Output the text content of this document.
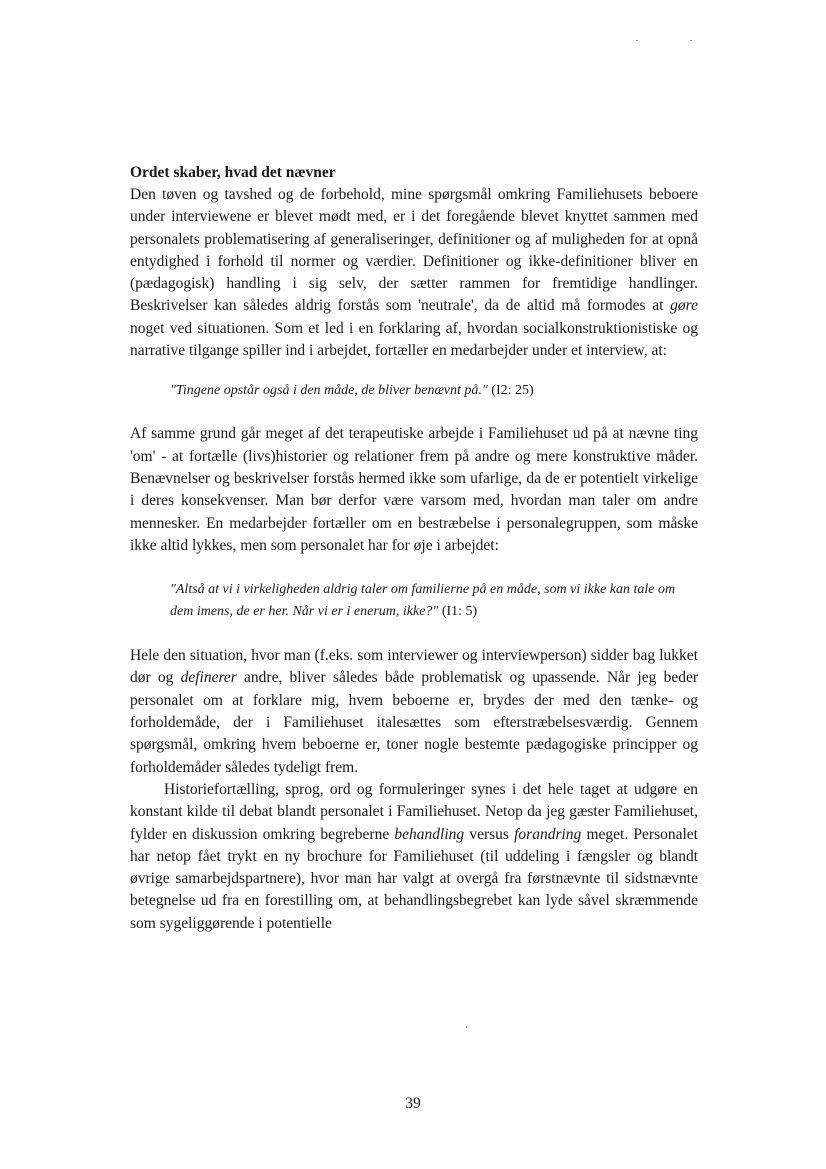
Ordet skaber, hvad det nævner

Den tøven og tavshed og de forbehold, mine spørgsmål omkring Familiehusets beboere under interviewene er blevet mødt med, er i det foregående blevet knyttet sammen med personalets problematisering af generaliseringer, definitioner og af muligheden for at opnå entydighed i forhold til normer og værdier. Definitioner og ikke-definitioner bliver en (pædagogisk) handling i sig selv, der sætter rammen for fremtidige handlinger. Beskrivelser kan således aldrig forstås som 'neutrale', da de altid må formodes at gøre noget ved situationen. Som et led i en forklaring af, hvordan socialkonstruktionistiske og narrative tilgange spiller ind i arbejdet, fortæller en medarbejder under et interview, at:

"Tingene opstår også i den måde, de bliver benævnt på." (I2: 25)

Af samme grund går meget af det terapeutiske arbejde i Familiehuset ud på at nævne ting 'om' - at fortælle (livs)historier og relationer frem på andre og mere konstruktive måder. Benævnelser og beskrivelser forstås hermed ikke som ufarlige, da de er potentielt virkelige i deres konsekvenser. Man bør derfor være varsom med, hvordan man taler om andre mennesker. En medarbejder fortæller om en bestræbelse i personalegruppen, som måske ikke altid lykkes, men som personalet har for øje i arbejdet:

"Altså at vi i virkeligheden aldrig taler om familierne på en måde, som vi ikke kan tale om dem imens, de er her. Når vi er i enerum, ikke?" (I1: 5)

Hele den situation, hvor man (f.eks. som interviewer og interviewperson) sidder bag lukket dør og definerer andre, bliver således både problematisk og upassende. Når jeg beder personalet om at forklare mig, hvem beboerne er, brydes der med den tænke- og forholdemåde, der i Familiehuset italesættes som efterstræbelsesværdig. Gennem spørgsmål, omkring hvem beboerne er, toner nogle bestemte pædagogiske principper og forholdemåder således tydeligt frem.

Historiefortælling, sprog, ord og formuleringer synes i det hele taget at udgøre en konstant kilde til debat blandt personalet i Familiehuset. Netop da jeg gæster Familiehuset, fylder en diskussion omkring begreberne behandling versus forandring meget. Personalet har netop fået trykt en ny brochure for Familiehuset (til uddeling i fængsler og blandt øvrige samarbejdspartnere), hvor man har valgt at overgå fra førstnævnte til sidstnævnte betegnelse ud fra en forestilling om, at behandlingsbegrebet kan lyde såvel skræmmende som sygeliggørende i potentielle

39
